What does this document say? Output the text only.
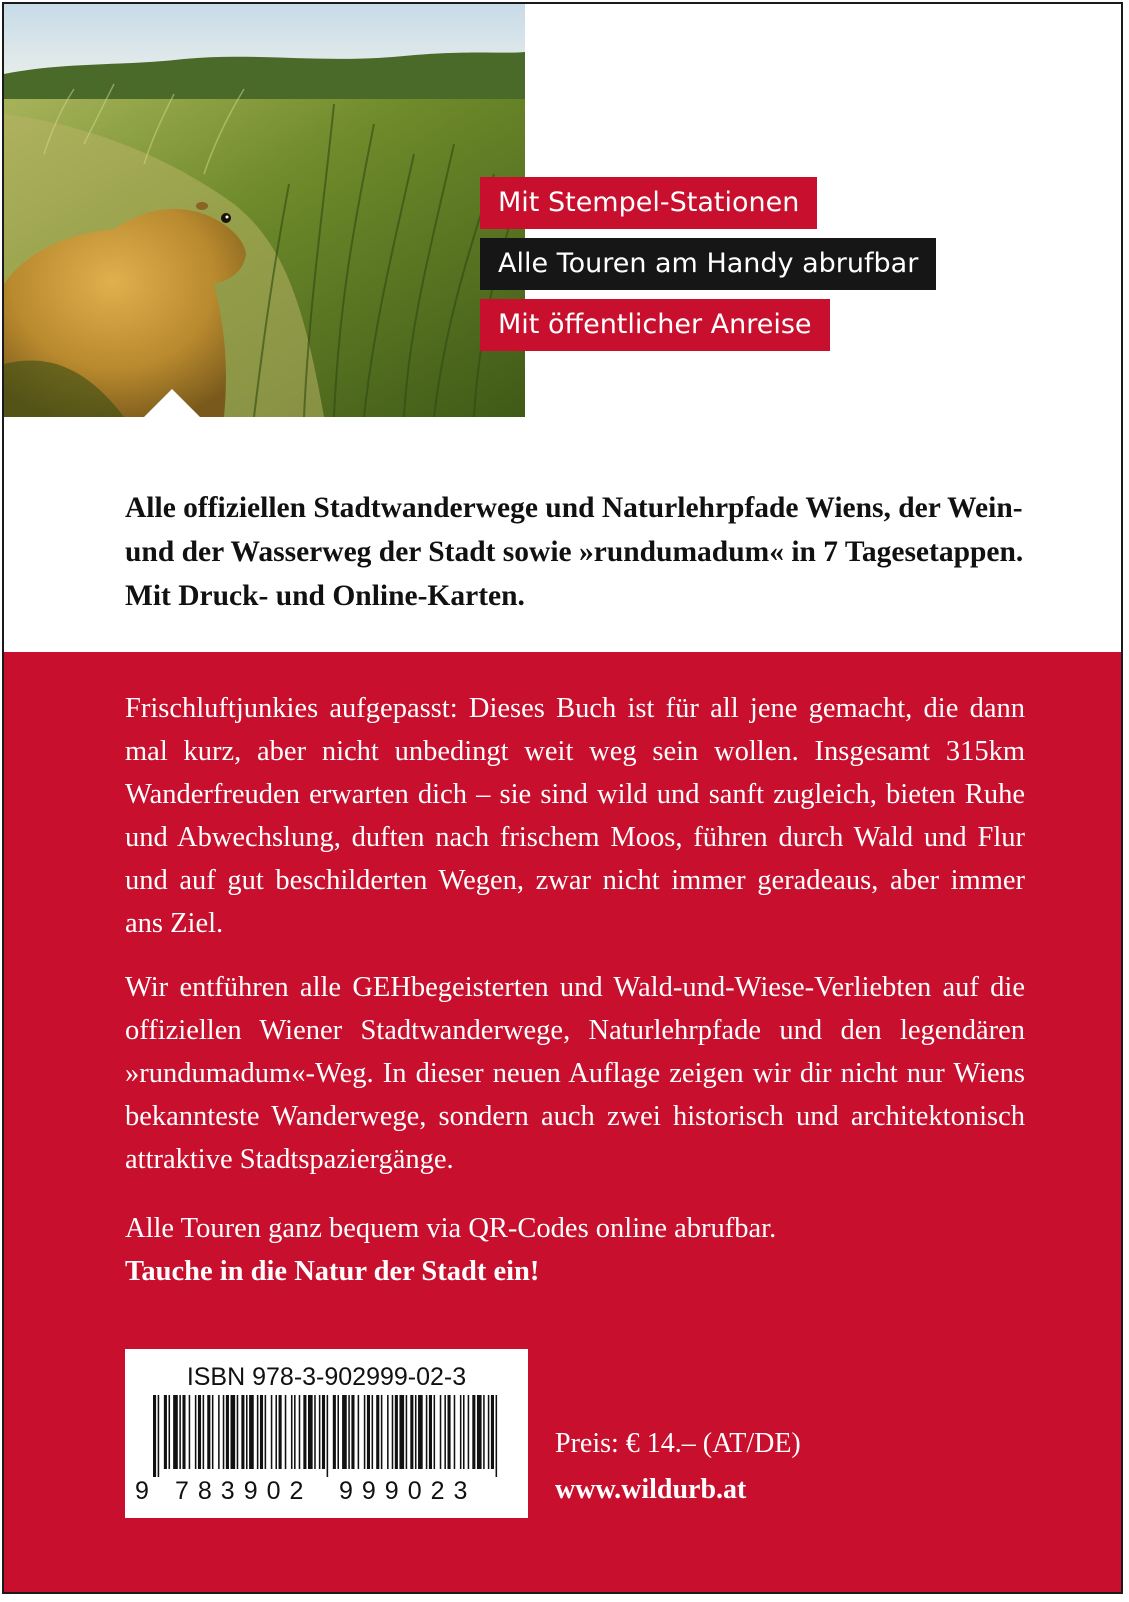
Mit Stempel-Stationen
Alle Touren am Handy abrufbar
Mit öffentlicher Anreise

Alle offiziellen Stadtwanderwege und Naturlehrpfade Wiens, der Wein- und der Wasserweg der Stadt sowie »rundumadum« in 7 Tagesetappen. Mit Druck- und Online-Karten.

Frischluftjunkies aufgepasst: Dieses Buch ist für all jene gemacht, die dann mal kurz, aber nicht unbedingt weit weg sein wollen. Insgesamt 315km Wanderfreuden erwarten dich – sie sind wild und sanft zugleich, bieten Ruhe und Abwechslung, duften nach frischem Moos, führen durch Wald und Flur und auf gut beschilderten Wegen, zwar nicht immer geradeaus, aber immer ans Ziel.

Wir entführen alle GEHbegeisterten und Wald-und-Wiese-Verliebten auf die offiziellen Wiener Stadtwanderwege, Naturlehrpfade und den legendären »rundumadum«-Weg. In dieser neuen Auflage zeigen wir dir nicht nur Wiens bekannteste Wanderwege, sondern auch zwei historisch und architektonisch attraktive Stadtspaziergänge.

Alle Touren ganz bequem via QR-Codes online abrufbar.
Tauche in die Natur der Stadt ein!

ISBN 978-3-902999-02-3
9 783902 999023

Preis: € 14.– (AT/DE)

www.wildurb.at
